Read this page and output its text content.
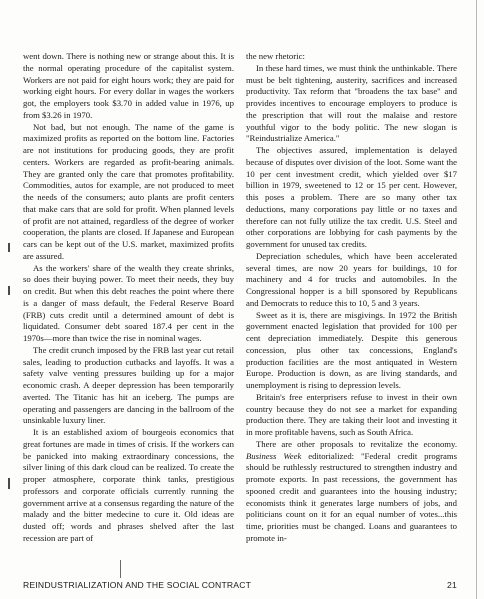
went down. There is nothing new or strange about this. It is the normal operating procedure of the capitalist system. Workers are not paid for eight hours work; they are paid for working eight hours. For every dollar in wages the workers got, the employers took $3.70 in added value in 1976, up from $3.26 in 1970.

Not bad, but not enough. The name of the game is maximized profits as reported on the bottom line. Factories are not institutions for producing goods, they are profit centers. Workers are regarded as profit-bearing animals. They are granted only the care that promotes profitability. Commodities, autos for example, are not produced to meet the needs of the consumers; auto plants are profit centers that make cars that are sold for profit. When planned levels of profit are not attained, regardless of the degree of worker cooperation, the plants are closed. If Japanese and European cars can be kept out of the U.S. market, maximized profits are assured.

As the workers' share of the wealth they create shrinks, so does their buying power. To meet their needs, they buy on credit. But when this debt reaches the point where there is a danger of mass default, the Federal Reserve Board (FRB) cuts credit until a determined amount of debt is liquidated. Consumer debt soared 187.4 per cent in the 1970s—more than twice the rise in nominal wages.

The credit crunch imposed by the FRB last year cut retail sales, leading to production cutbacks and layoffs. It was a safety valve venting pressures building up for a major economic crash. A deeper depression has been temporarily averted. The Titanic has hit an iceberg. The pumps are operating and passengers are dancing in the ballroom of the unsinkable luxury liner.

It is an established axiom of bourgeois economics that great fortunes are made in times of crisis. If the workers can be panicked into making extraordinary concessions, the silver lining of this dark cloud can be realized. To create the proper atmosphere, corporate think tanks, prestigious professors and corporate officials currently running the government arrive at a consensus regarding the nature of the malady and the bitter medecine to cure it. Old ideas are dusted off; words and phrases shelved after the last recession are part of

the new rhetoric:

In these hard times, we must think the unthinkable. There must be belt tightening, austerity, sacrifices and increased productivity. Tax reform that "broadens the tax base" and provides incentives to encourage employers to produce is the prescription that will rout the malaise and restore youthful vigor to the body politic. The new slogan is "Reindustrialize America."

The objectives assured, implementation is delayed because of disputes over division of the loot. Some want the 10 per cent investment credit, which yielded over $17 billion in 1979, sweetened to 12 or 15 per cent. However, this poses a problem. There are so many other tax deductions, many corporations pay little or no taxes and therefore can not fully utilize the tax credit. U.S. Steel and other corporations are lobbying for cash payments by the government for unused tax credits.

Depreciation schedules, which have been accelerated several times, are now 20 years for buildings, 10 for machinery and 4 for trucks and automobiles. In the Congressional hopper is a bill sponsored by Republicans and Democrats to reduce this to 10, 5 and 3 years.

Sweet as it is, there are misgivings. In 1972 the British government enacted legislation that provided for 100 per cent depreciation immediately. Despite this generous concession, plus other tax concessions, England's production facilities are the most antiquated in Western Europe. Production is down, as are living standards, and unemployment is rising to depression levels.

Britain's free enterprisers refuse to invest in their own country because they do not see a market for expanding production there. They are taking their loot and investing it in more profitable havens, such as South Africa.

There are other proposals to revitalize the economy. Business Week editorialized: "Federal credit programs should be ruthlessly restructured to strengthen industry and promote exports. In past recessions, the government has spooned credit and guarantees into the housing industry; economists think it generates large numbers of jobs, and politicians count on it for an equal number of votes...this time, priorities must be changed. Loans and guarantees to promote in-

REINDUSTRIALIZATION AND THE SOCIAL CONTRACT	21
